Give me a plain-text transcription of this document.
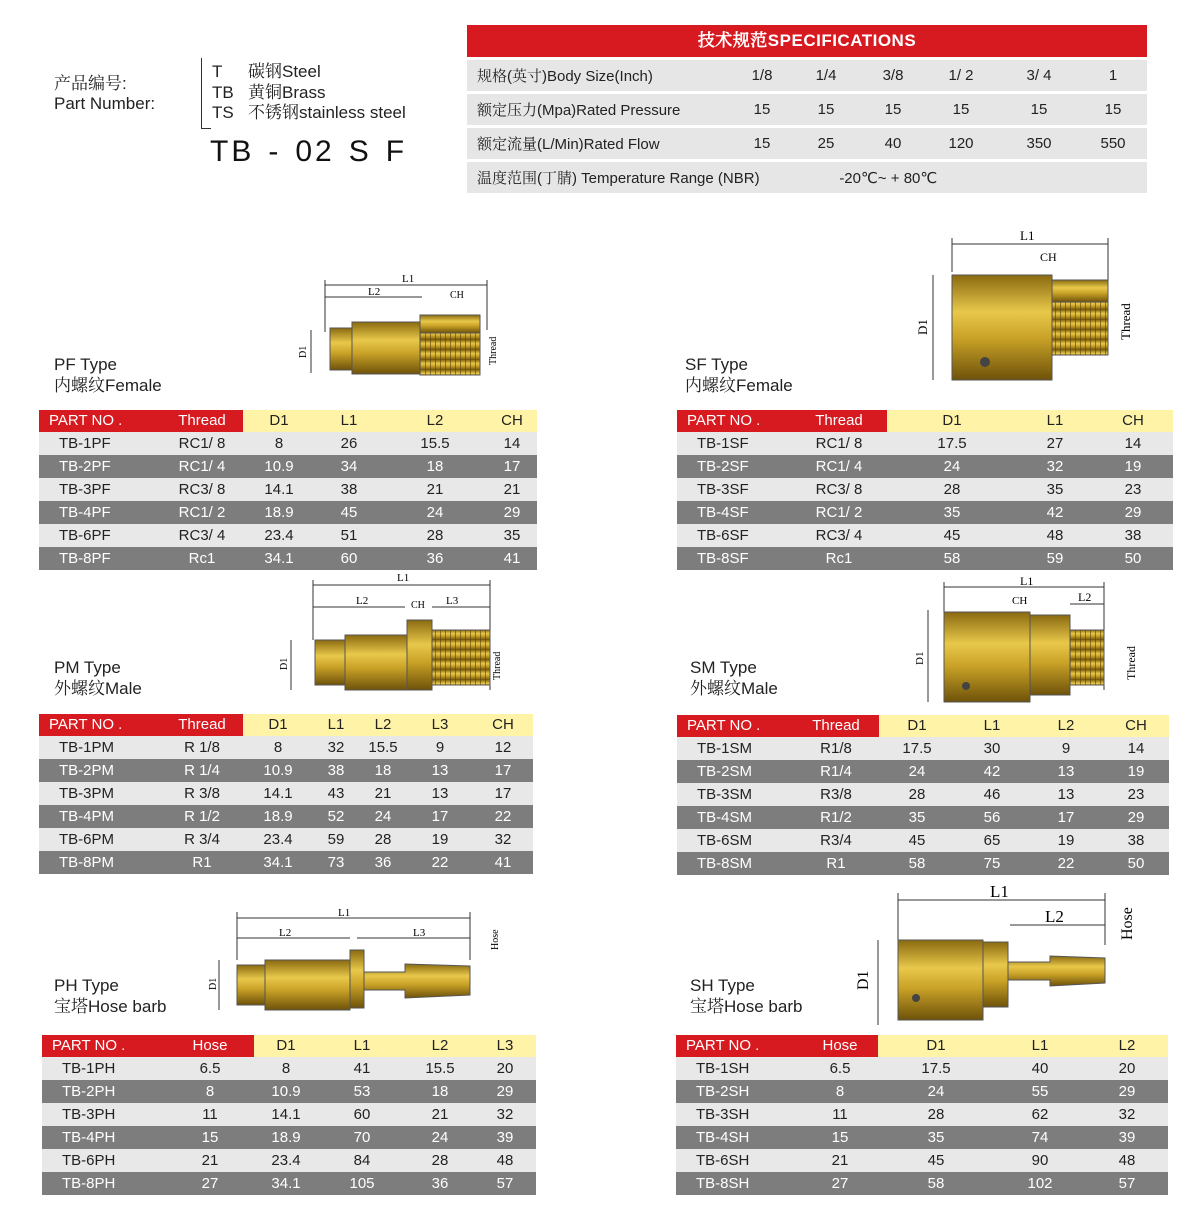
产品编号:
Part Number:
T 碳钢Steel
TB 黄铜Brass
TS 不锈钢stainless steel
TB - 02 S F
技术规范SPECIFICATIONS
规格(英寸)Body Size(Inch)	1/8	1/4	3/8	1/ 2	3/ 4	1
额定压力(Mpa)Rated Pressure	15	15	15	15	15	15
额定流量(L/Min)Rated Flow	15	25	40	120	350	550
温度范围(丁腈) Temperature Range (NBR)	-20℃~ + 80℃
L1
L2	CH
D1	Thread
L1
CH
D1	Thread
L1
L2	CH L3
D1	Thread
L1
CH	L2
D1	Thread
L1
L2	L3
D1
Hose
L1
L2
D1
Hose
PF Type
内螺纹Female
SF Type
内螺纹Female
PM Type
外螺纹Male
SM Type
外螺纹Male
PH Type
宝塔Hose barb
SH Type
宝塔Hose barb
PART NO .	Thread	D1	L1	L2	CH
TB-1PF	RC1/ 8	8	26	15.5	14
TB-2PF	RC1/ 4	10.9	34	18	17
TB-3PF	RC3/ 8	14.1	38	21	21
TB-4PF	RC1/ 2	18.9	45	24	29
TB-6PF	RC3/ 4	23.4	51	28	35
TB-8PF	Rc1	34.1	60	36	41
PART NO .	Thread	D1	L1	CH
TB-1SF	RC1/ 8	17.5	27	14
TB-2SF	RC1/ 4	24	32	19
TB-3SF	RC3/ 8	28	35	23
TB-4SF	RC1/ 2	35	42	29
TB-6SF	RC3/ 4	45	48	38
TB-8SF	Rc1	58	59	50
PART NO .	Thread	D1	L1	L2	L3	CH
TB-1PM	R 1/8	8	32	15.5	9	12
TB-2PM	R 1/4	10.9	38	18	13	17
TB-3PM	R 3/8	14.1	43	21	13	17
TB-4PM	R 1/2	18.9	52	24	17	22
TB-6PM	R 3/4	23.4	59	28	19	32
TB-8PM	R1	34.1	73	36	22	41
PART NO .	Thread	D1	L1	L2	CH
TB-1SM	R1/8	17.5	30	9	14
TB-2SM	R1/4	24	42	13	19
TB-3SM	R3/8	28	46	13	23
TB-4SM	R1/2	35	56	17	29
TB-6SM	R3/4	45	65	19	38
TB-8SM	R1	58	75	22	50
PART NO .	Hose	D1	L1	L2	L3
TB-1PH	6.5	8	41	15.5	20
TB-2PH	8	10.9	53	18	29
TB-3PH	11	14.1	60	21	32
TB-4PH	15	18.9	70	24	39
TB-6PH	21	23.4	84	28	48
TB-8PH	27	34.1	105	36	57
PART NO .	Hose	D1	L1	L2
TB-1SH	6.5	17.5	40	20
TB-2SH	8	24	55	29
TB-3SH	11	28	62	32
TB-4SH	15	35	74	39
TB-6SH	21	45	90	48
TB-8SH	27	58	102	57
